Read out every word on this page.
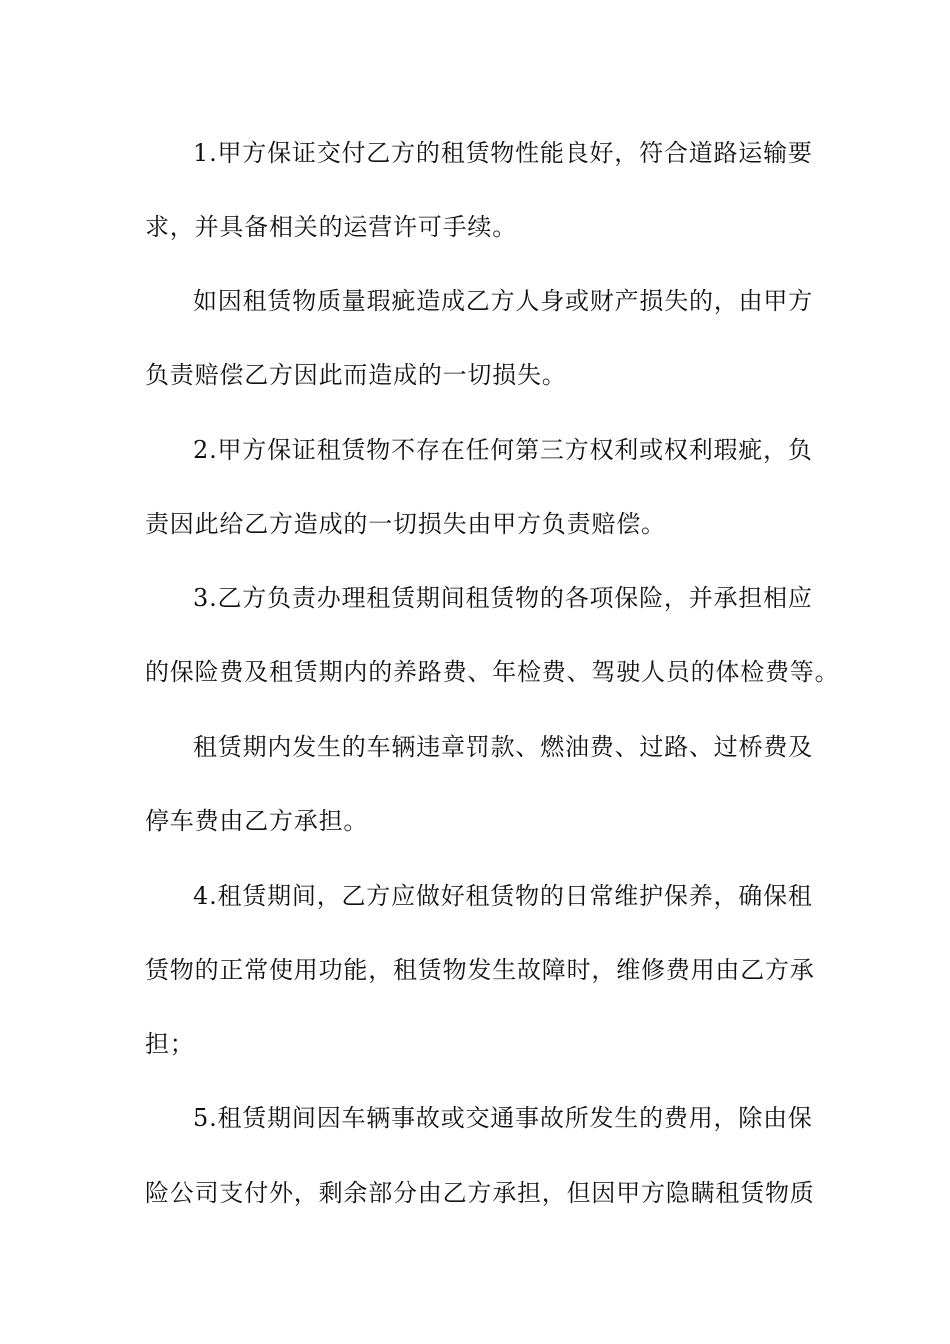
1.甲方保证交付乙方的租赁物性能良好，符合道路运输要
求，并具备相关的运营许可手续。
如因租赁物质量瑕疵造成乙方人身或财产损失的，由甲方
负责赔偿乙方因此而造成的一切损失。
2.甲方保证租赁物不存在任何第三方权利或权利瑕疵，负
责因此给乙方造成的一切损失由甲方负责赔偿。
3.乙方负责办理租赁期间租赁物的各项保险，并承担相应
的保险费及租赁期内的养路费、年检费、驾驶人员的体检费等。
租赁期内发生的车辆违章罚款、燃油费、过路、过桥费及
停车费由乙方承担。
4.租赁期间，乙方应做好租赁物的日常维护保养，确保租
赁物的正常使用功能，租赁物发生故障时，维修费用由乙方承
担；
5.租赁期间因车辆事故或交通事故所发生的费用，除由保
险公司支付外，剩余部分由乙方承担，但因甲方隐瞒租赁物质
